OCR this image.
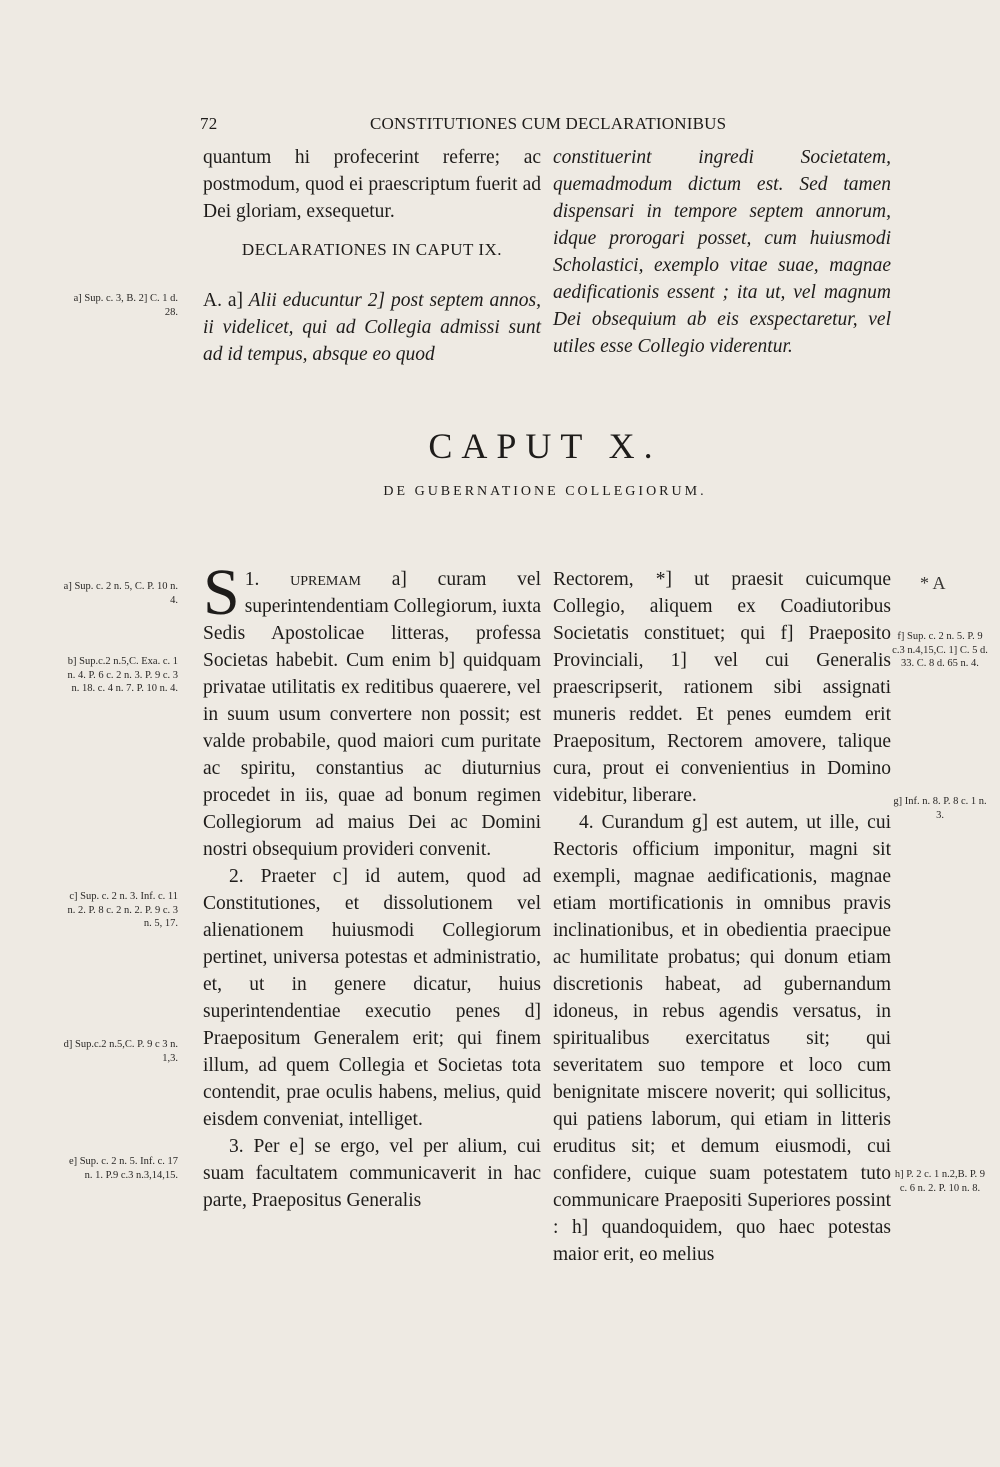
72	CONSTITUTIONES CUM DECLARATIONIBUS

quantum hi profecerint referre; ac postmodum, quod ei praescriptum fuerit ad Dei gloriam, exsequetur.

constituerint ingredi Societatem, quemadmodum dictum est. Sed tamen dispensari in tempore septem annorum, idque prorogari posset, cum huiusmodi Scholastici, exemplo vitae suae, magnae aedificationis essent ; ita ut, vel magnum Dei obsequium ab eis exspectaretur, vel utiles esse Collegio viderentur.

DECLARATIONES IN CAPUT IX.
A. a] Alii educuntur 2] post septem annos, ii videlicet, qui ad Collegia admissi sunt ad id tempus, absque eo quod
CAPUT X.
DE GUBERNATIONE COLLEGIORUM.

1.
S	upremam a] curam vel superintendentiam Collegiorum, iuxta Sedis Apostolicae litteras, professa Societas habebit. Cum enim b] quidquam privatae utilitatis ex reditibus quaerere, vel in suum usum convertere non possit; est valde probabile, quod maiori cum puritate ac spiritu, constantius ac diuturnius procedet in iis, quae ad bonum regimen Collegiorum ad maius Dei ac Domini nostri obsequium provideri convenit.

2. Praeter c] id autem, quod ad Constitutiones, et dissolutionem vel alienationem huiusmodi Collegiorum pertinet, universa potestas et administratio, et, ut in genere dicatur, huius superintendentiae executio penes d] Praepositum Generalem erit; qui finem illum, ad quem Collegia et Societas tota contendit, prae oculis habens, melius, quid eisdem conveniat, intelliget.

3. Per e] se ergo, vel per alium, cui suam facultatem communicaverit in hac parte, Praepositus Generalis

Rectorem, *] ut praesit cuicumque Collegio, aliquem ex Coadiutoribus Societatis constituet; qui f] Praeposito Provinciali, 1] vel cui Generalis praescripserit, rationem sibi assignati muneris reddet. Et penes eumdem erit Praepositum, Rectorem amovere, talique cura, prout ei convenientius in Domino videbitur, liberare.

4. Curandum g] est autem, ut ille, cui Rectoris officium imponitur, magni sit exempli, magnae aedificationis, magnae etiam mortificationis in omnibus pravis inclinationibus, et in obedientia praecipue ac humilitate probatus; qui donum etiam discretionis habeat, ad gubernandum idoneus, in rebus agendis versatus, in spiritualibus exercitatus sit; qui severitatem suo tempore et loco cum benignitate miscere noverit; qui sollicitus, qui patiens laborum, qui etiam in litteris eruditus sit; et demum eiusmodi, cui confidere, cuique suam potestatem tuto communicare Praepositi Superiores possint : h] quandoquidem, quo haec potestas maior erit, eo melius

a] Sup. c. 3, B. 2] C. 1 d. 28.
a] Sup. c. 2 n. 5, C. P. 10 n. 4.
b] Sup.c.2 n.5,C. Exa. c. 1 n. 4. P. 6 c. 2 n. 3. P. 9 c. 3 n. 18. c. 4 n. 7. P. 10 n. 4.
c] Sup. c. 2 n. 3. Inf. c. 11 n. 2. P. 8 c. 2 n. 2. P. 9 c. 3 n. 5, 17.
d] Sup.c.2 n.5,C. P. 9 c 3 n. 1,3.
e] Sup. c. 2 n. 5. Inf. c. 17 n. 1. P.9 c.3 n.3,14,15.
* A
f] Sup. c. 2 n. 5. P. 9 c.3 n.4,15,C. 1] C. 5 d. 33. C. 8 d. 65 n. 4.
g] Inf. n. 8. P. 8 c. 1 n. 3.
h] P. 2 c. 1 n.2,B. P. 9 c. 6 n. 2. P. 10 n. 8.
